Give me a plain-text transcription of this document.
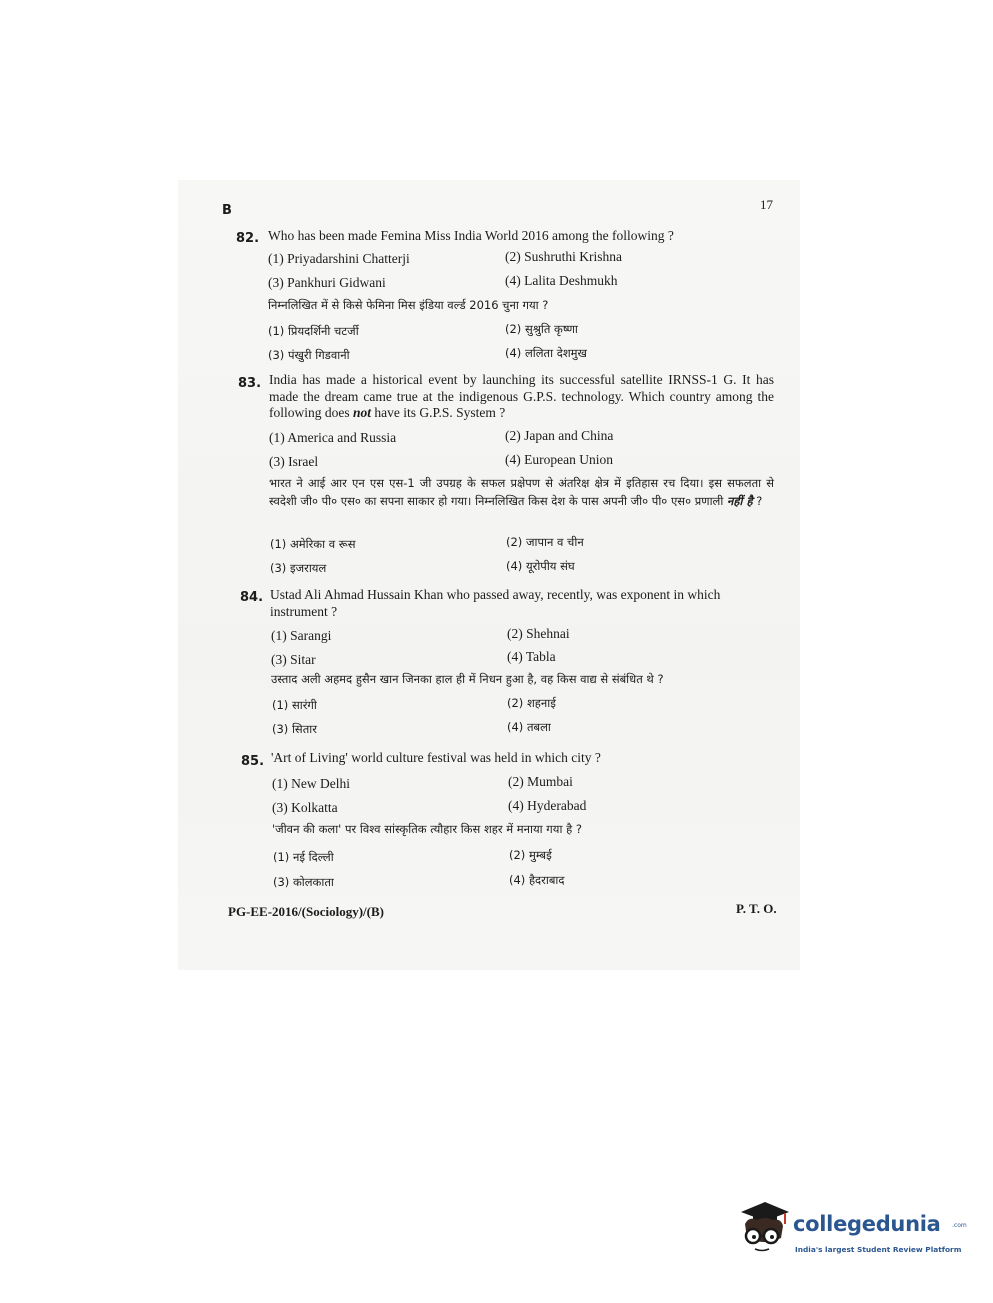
B	17
82. Who has been made Femina Miss India World 2016 among the following ?
(1) Priyadarshini Chatterji	(2) Sushruthi Krishna
(3) Pankhuri Gidwani	(4) Lalita Deshmukh
निम्नलिखित में से किसे फेमिना मिस इंडिया वर्ल्ड 2016 चुना गया ?
(1) प्रियदर्शिनी चटर्जी	(2) सुश्रुति कृष्णा
(3) पंखुरी गिडवानी	(4) ललिता देशमुख
83. India has made a historical event by launching its successful satellite IRNSS-1 G. It has made the dream came true at the indigenous G.P.S. technology. Which country among the following does not have its G.P.S. System ?
(1) America and Russia	(2) Japan and China
(3) Israel	(4) European Union
भारत ने आई आर एन एस एस-1 जी उपग्रह के सफल प्रक्षेपण से अंतरिक्ष क्षेत्र में इतिहास रच दिया। इस सफलता से स्वदेशी जी० पी० एस० का सपना साकार हो गया। निम्नलिखित किस देश के पास अपनी जी० पी० एस० प्रणाली नहीं है ?
(1) अमेरिका व रूस	(2) जापान व चीन
(3) इजरायल	(4) यूरोपीय संघ
84. Ustad Ali Ahmad Hussain Khan who passed away, recently, was exponent in which instrument ?
(1) Sarangi	(2) Shehnai
(3) Sitar	(4) Tabla
उस्ताद अली अहमद हुसैन खान जिनका हाल ही में निधन हुआ है, वह किस वाद्य से संबंधित थे ?
(1) सारंगी	(2) शहनाई
(3) सितार	(4) तबला
85. 'Art of Living' world culture festival was held in which city ?
(1) New Delhi	(2) Mumbai
(3) Kolkatta	(4) Hyderabad
'जीवन की कला' पर विश्व सांस्कृतिक त्यौहार किस शहर में मनाया गया है ?
(1) नई दिल्ली	(2) मुम्बई
(3) कोलकाता	(4) हैदराबाद
PG-EE-2016/(Sociology)/(B)	P. T. O.
collegedunia .com
India's largest Student Review Platform
